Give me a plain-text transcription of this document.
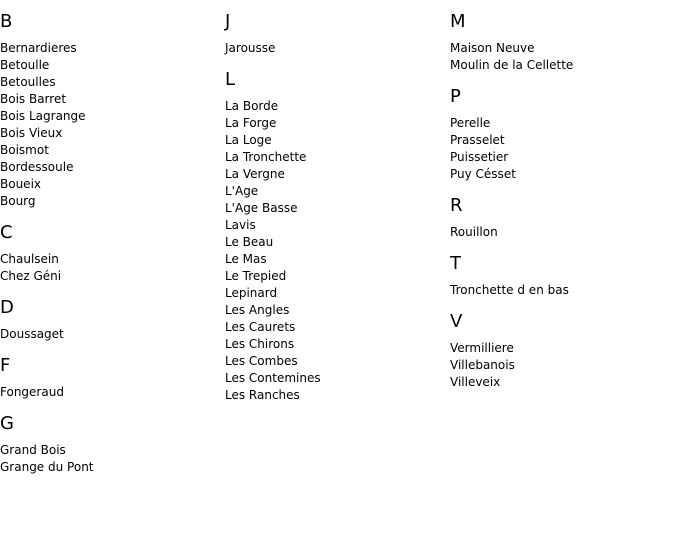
B
Bernardieres
Betoulle
Betoulles
Bois Barret
Bois Lagrange
Bois Vieux
Boismot
Bordessoule
Boueix
Bourg
C
Chaulsein
Chez Géni
D
Doussaget
F
Fongeraud
G
Grand Bois
Grange du Pont
J
Jarousse
L
La Borde
La Forge
La Loge
La Tronchette
La Vergne
L'Age
L'Age Basse
Lavis
Le Beau
Le Mas
Le Trepied
Lepinard
Les Angles
Les Caurets
Les Chirons
Les Combes
Les Contemines
Les Ranches
M
Maison Neuve
Moulin de la Cellette
P
Perelle
Prasselet
Puissetier
Puy Césset
R
Rouillon
T
Tronchette d en bas
V
Vermilliere
Villebanois
Villeveix
